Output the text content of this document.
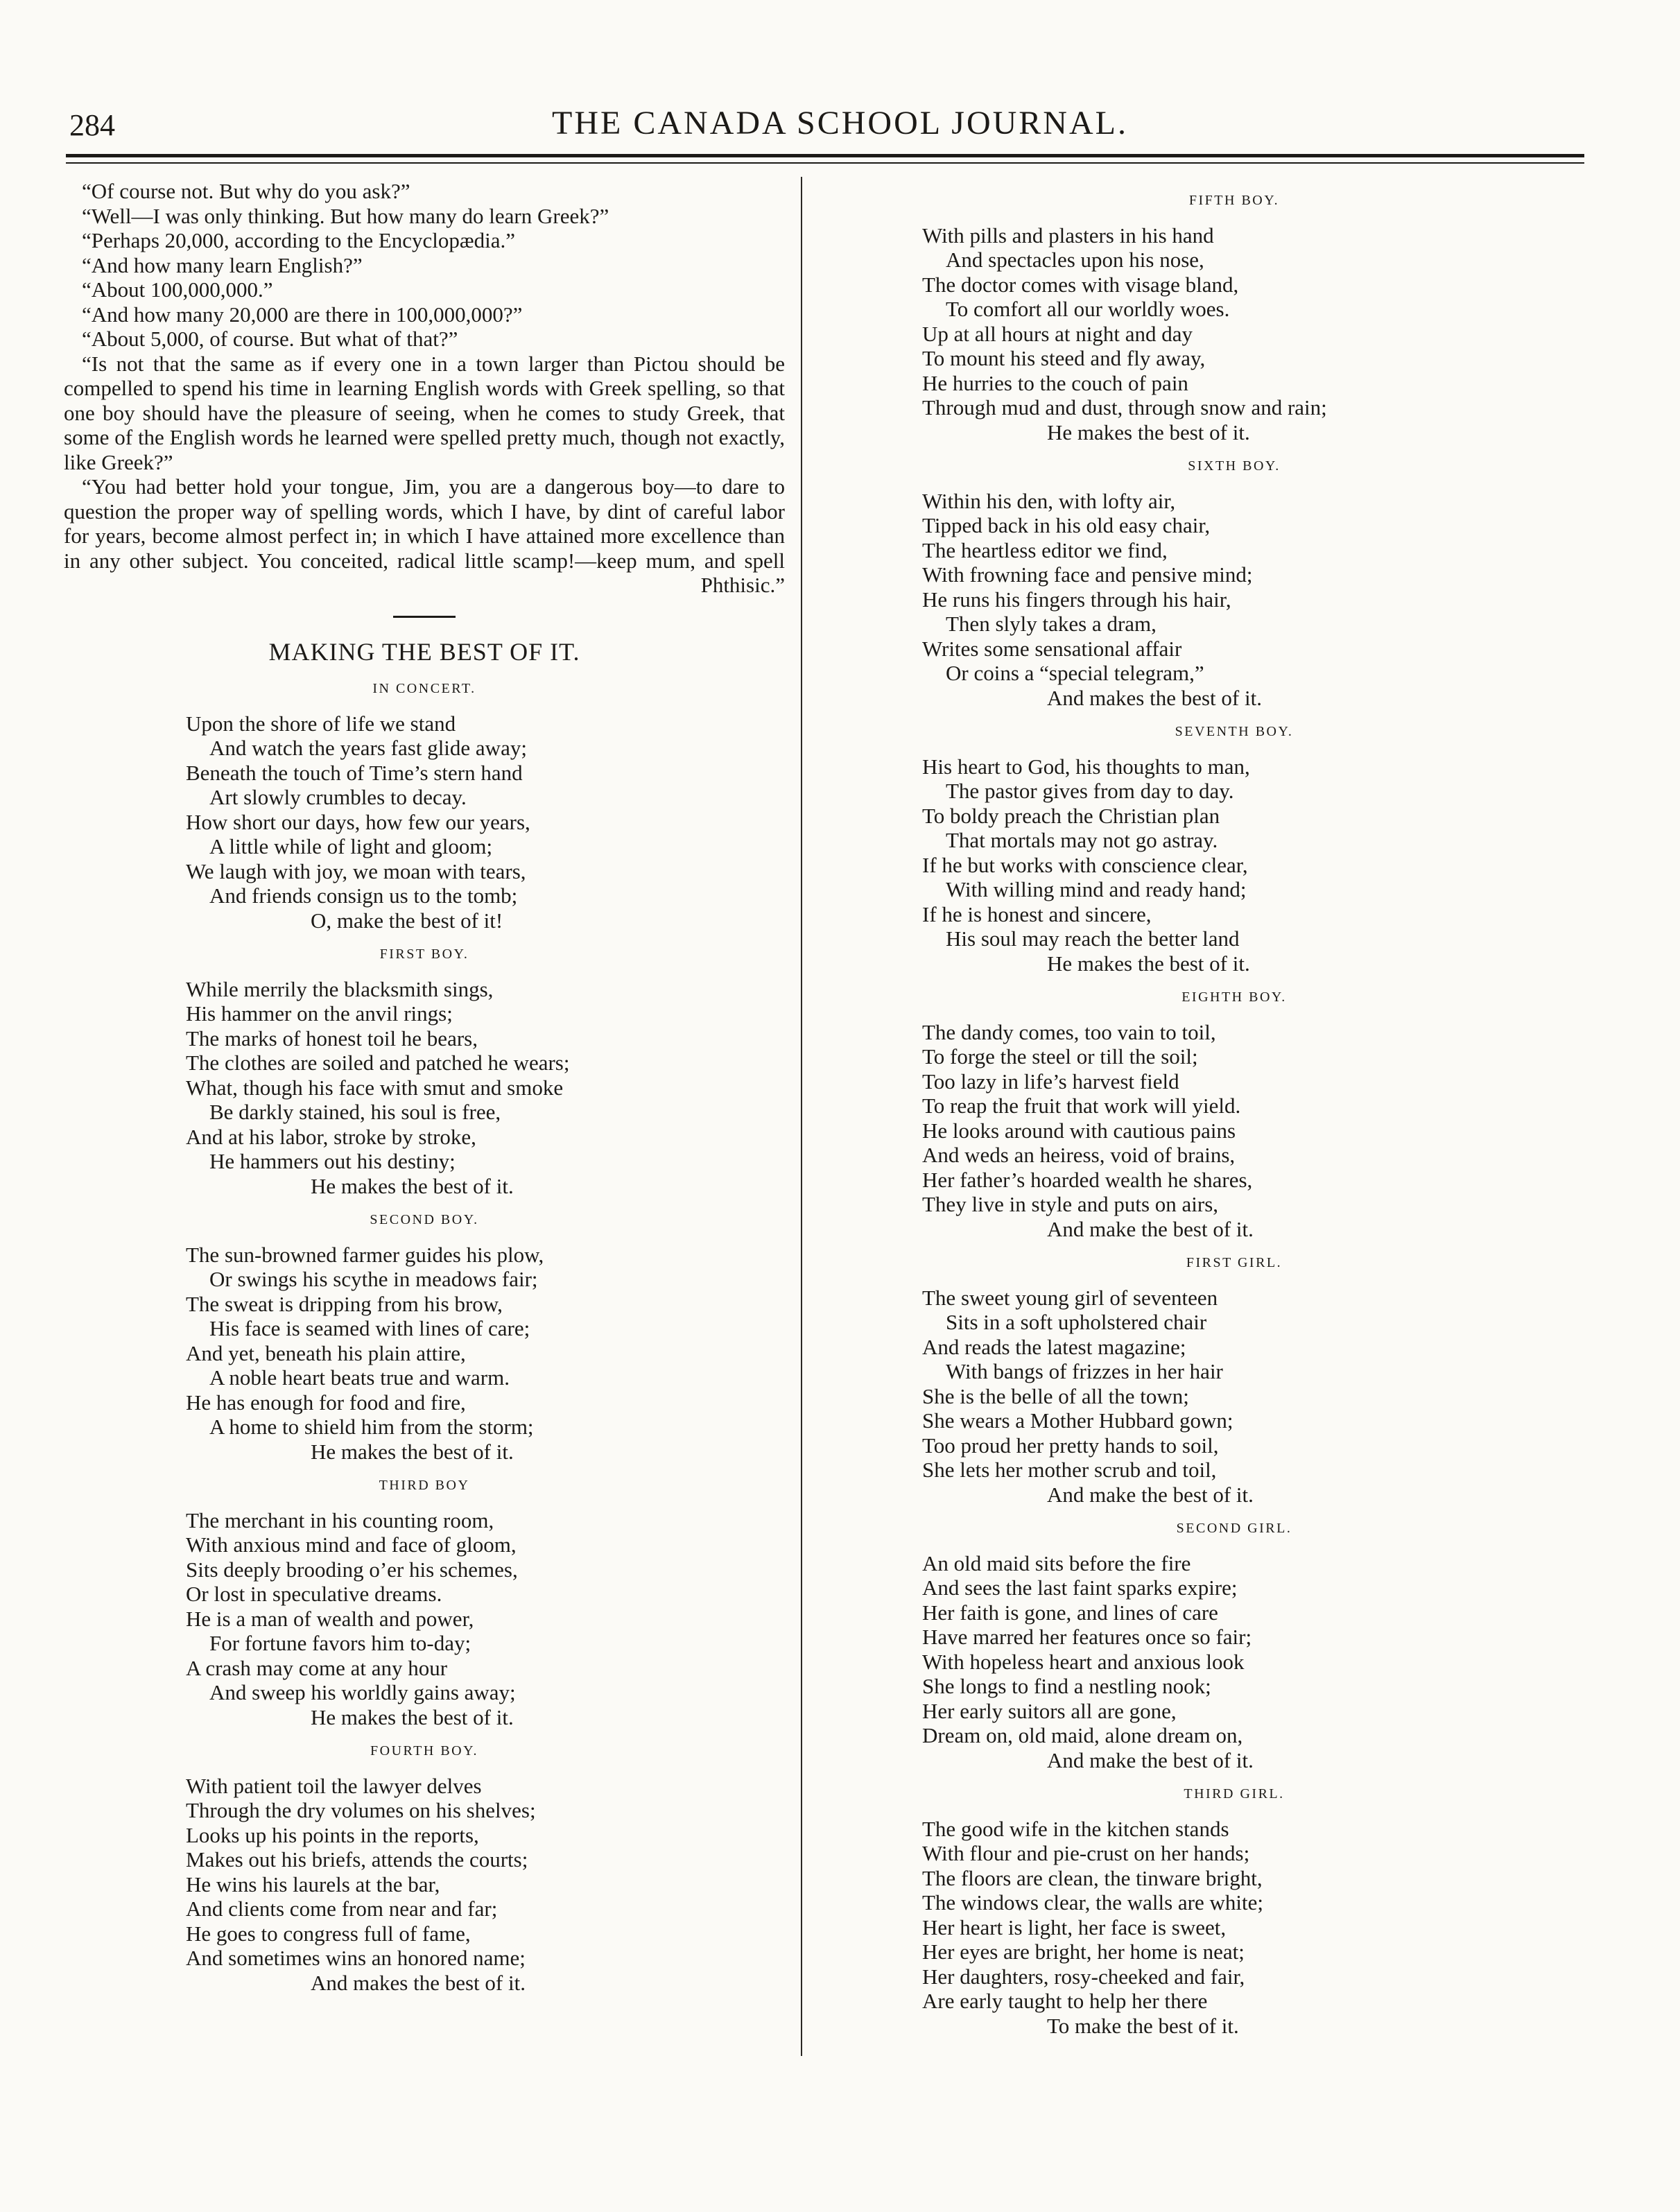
284	THE CANADA SCHOOL JOURNAL.

“Of course not. But why do you ask?”

“Well—I was only thinking. But how many do learn Greek?”

“Perhaps 20,000, according to the Encyclopædia.”

“And how many learn English?”

“About 100,000,000.”

“And how many 20,000 are there in 100,000,000?”

“About 5,000, of course. But what of that?”

“Is not that the same as if every one in a town larger than Pictou should be compelled to spend his time in learning English words with Greek spelling, so that one boy should have the pleasure of seeing, when he comes to study Greek, that some of the English words he learned were spelled pretty much, though not exactly, like Greek?”

“You had better hold your tongue, Jim, you are a dangerous boy—to dare to question the proper way of spelling words, which I have, by dint of careful labor for years, become almost perfect in; in which I have attained more excellence than in any other subject. You conceited, radical little scamp!—keep mum, and spell Phthisic.”

MAKING THE BEST OF IT.
IN CONCERT.
Upon the shore of life we stand
And watch the years fast glide away;
Beneath the touch of Time’s stern hand
Art slowly crumbles to decay.
How short our days, how few our years,
A little while of light and gloom;
We laugh with joy, we moan with tears,
And friends consign us to the tomb;
O, make the best of it!
FIRST BOY.
While merrily the blacksmith sings,
His hammer on the anvil rings;
The marks of honest toil he bears,
The clothes are soiled and patched he wears;
What, though his face with smut and smoke
Be darkly stained, his soul is free,
And at his labor, stroke by stroke,
He hammers out his destiny;
He makes the best of it.
SECOND BOY.
The sun-browned farmer guides his plow,
Or swings his scythe in meadows fair;
The sweat is dripping from his brow,
His face is seamed with lines of care;
And yet, beneath his plain attire,
A noble heart beats true and warm.
He has enough for food and fire,
A home to shield him from the storm;
He makes the best of it.
THIRD BOY
The merchant in his counting room,
With anxious mind and face of gloom,
Sits deeply brooding o’er his schemes,
Or lost in speculative dreams.
He is a man of wealth and power,
For fortune favors him to-day;
A crash may come at any hour
And sweep his worldly gains away;
He makes the best of it.
FOURTH BOY.
With patient toil the lawyer delves
Through the dry volumes on his shelves;
Looks up his points in the reports,
Makes out his briefs, attends the courts;
He wins his laurels at the bar,
And clients come from near and far;
He goes to congress full of fame,
And sometimes wins an honored name;
And makes the best of it.
FIFTH BOY.
With pills and plasters in his hand
And spectacles upon his nose,
The doctor comes with visage bland,
To comfort all our worldly woes.
Up at all hours at night and day
To mount his steed and fly away,
He hurries to the couch of pain
Through mud and dust, through snow and rain;
He makes the best of it.
SIXTH BOY.
Within his den, with lofty air,
Tipped back in his old easy chair,
The heartless editor we find,
With frowning face and pensive mind;
He runs his fingers through his hair,
Then slyly takes a dram,
Writes some sensational affair
Or coins a “special telegram,”
And makes the best of it.
SEVENTH BOY.
His heart to God, his thoughts to man,
The pastor gives from day to day.
To boldy preach the Christian plan
That mortals may not go astray.
If he but works with conscience clear,
With willing mind and ready hand;
If he is honest and sincere,
His soul may reach the better land
He makes the best of it.
EIGHTH BOY.
The dandy comes, too vain to toil,
To forge the steel or till the soil;
Too lazy in life’s harvest field
To reap the fruit that work will yield.
He looks around with cautious pains
And weds an heiress, void of brains,
Her father’s hoarded wealth he shares,
They live in style and puts on airs,
And make the best of it.
FIRST GIRL.
The sweet young girl of seventeen
Sits in a soft upholstered chair
And reads the latest magazine;
With bangs of frizzes in her hair
She is the belle of all the town;
She wears a Mother Hubbard gown;
Too proud her pretty hands to soil,
She lets her mother scrub and toil,
And make the best of it.
SECOND GIRL.
An old maid sits before the fire
And sees the last faint sparks expire;
Her faith is gone, and lines of care
Have marred her features once so fair;
With hopeless heart and anxious look
She longs to find a nestling nook;
Her early suitors all are gone,
Dream on, old maid, alone dream on,
And make the best of it.
THIRD GIRL.
The good wife in the kitchen stands
With flour and pie-crust on her hands;
The floors are clean, the tinware bright,
The windows clear, the walls are white;
Her heart is light, her face is sweet,
Her eyes are bright, her home is neat;
Her daughters, rosy-cheeked and fair,
Are early taught to help her there
To make the best of it.
